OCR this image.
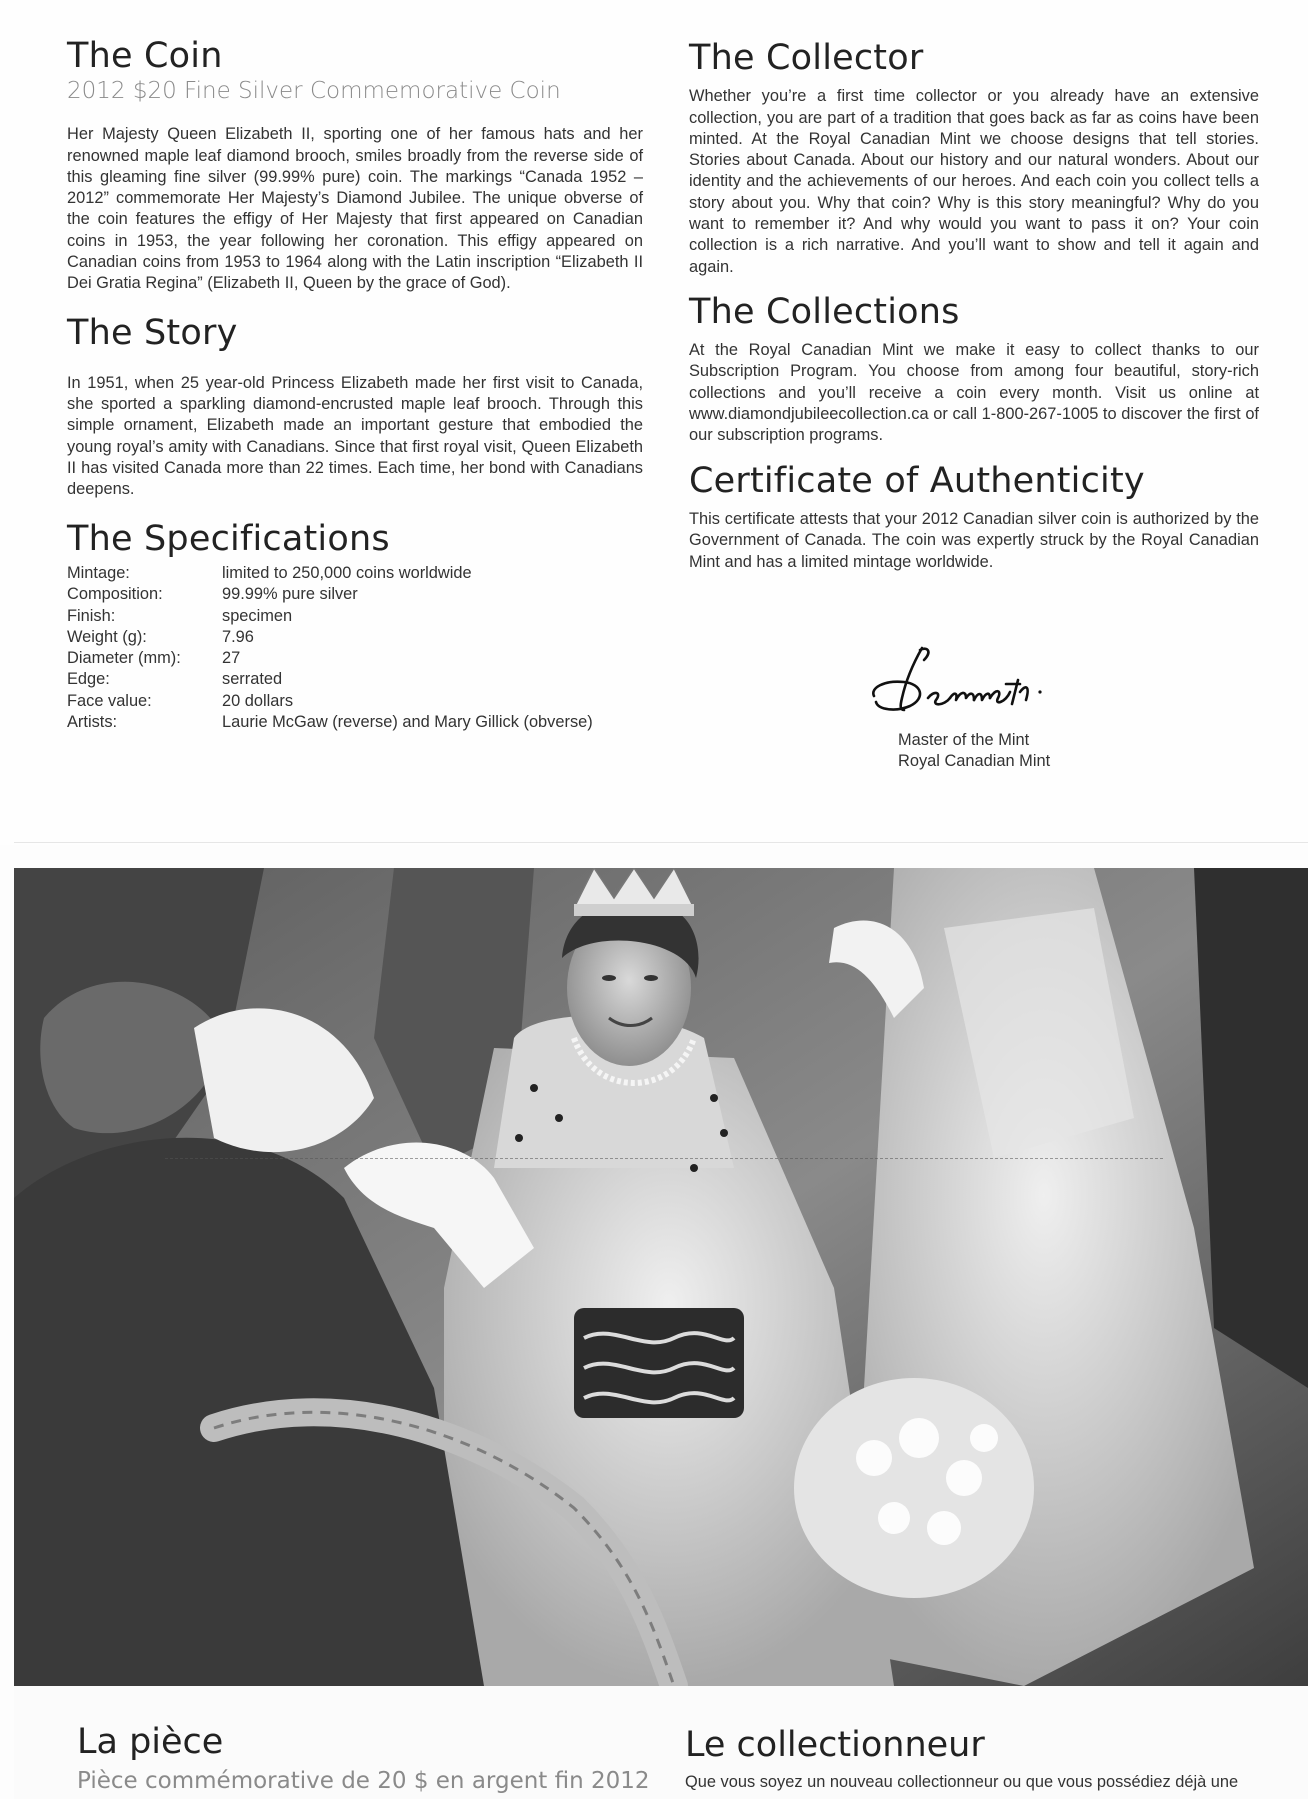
The Coin
2012 $20 Fine Silver Commemorative Coin

Her Majesty Queen Elizabeth II, sporting one of her famous hats and her renowned maple leaf diamond brooch, smiles broadly from the reverse side of this gleaming fine silver (99.99% pure) coin. The markings “Canada 1952 – 2012” commemorate Her Majesty’s Diamond Jubilee. The unique obverse of the coin features the effigy of Her Majesty that first appeared on Canadian coins in 1953, the year following her coronation. This effigy appeared on Canadian coins from 1953 to 1964 along with the Latin inscription “Elizabeth II Dei Gratia Regina” (Elizabeth II, Queen by the grace of God).

The Story

In 1951, when 25 year-old Princess Elizabeth made her first visit to Canada, she sported a sparkling diamond-encrusted maple leaf brooch. Through this simple ornament, Elizabeth made an important gesture that embodied the young royal’s amity with Canadians. Since that first royal visit, Queen Elizabeth II has visited Canada more than 22 times. Each time, her bond with Canadians deepens.

The Specifications
Mintage:	limited to 250,000 coins worldwide
Composition:	99.99% pure silver
Finish:	specimen
Weight (g):	7.96
Diameter (mm):	27
Edge:	serrated
Face value:	20 dollars
Artists:	Laurie McGaw (reverse) and Mary Gillick (obverse)
The Collector

Whether you’re a first time collector or you already have an extensive collection, you are part of a tradition that goes back as far as coins have been minted. At the Royal Canadian Mint we choose designs that tell stories. Stories about Canada. About our history and our natural wonders. About our identity and the achievements of our heroes. And each coin you collect tells a story about you. Why that coin? Why is this story meaningful? Why do you want to remember it? And why would you want to pass it on? Your coin collection is a rich narrative. And you’ll want to show and tell it again and again.

The Collections

At the Royal Canadian Mint we make it easy to collect thanks to our Subscription Program. You choose from among four beautiful, story-rich collections and you’ll receive a coin every month. Visit us online at www.diamondjubileecollection.ca or call 1-800-267-1005 to discover the first of our subscription programs.

Certificate of Authenticity

This certificate attests that your 2012 Canadian silver coin is authorized by the Government of Canada. The coin was expertly struck by the Royal Canadian Mint and has a limited mintage worldwide.

Master of the Mint
Royal Canadian Mint
La pièce
Pièce commémorative de 20 $ en argent fin 2012
Le collectionneur
Que vous soyez un nouveau collectionneur ou que vous possédiez déjà une
